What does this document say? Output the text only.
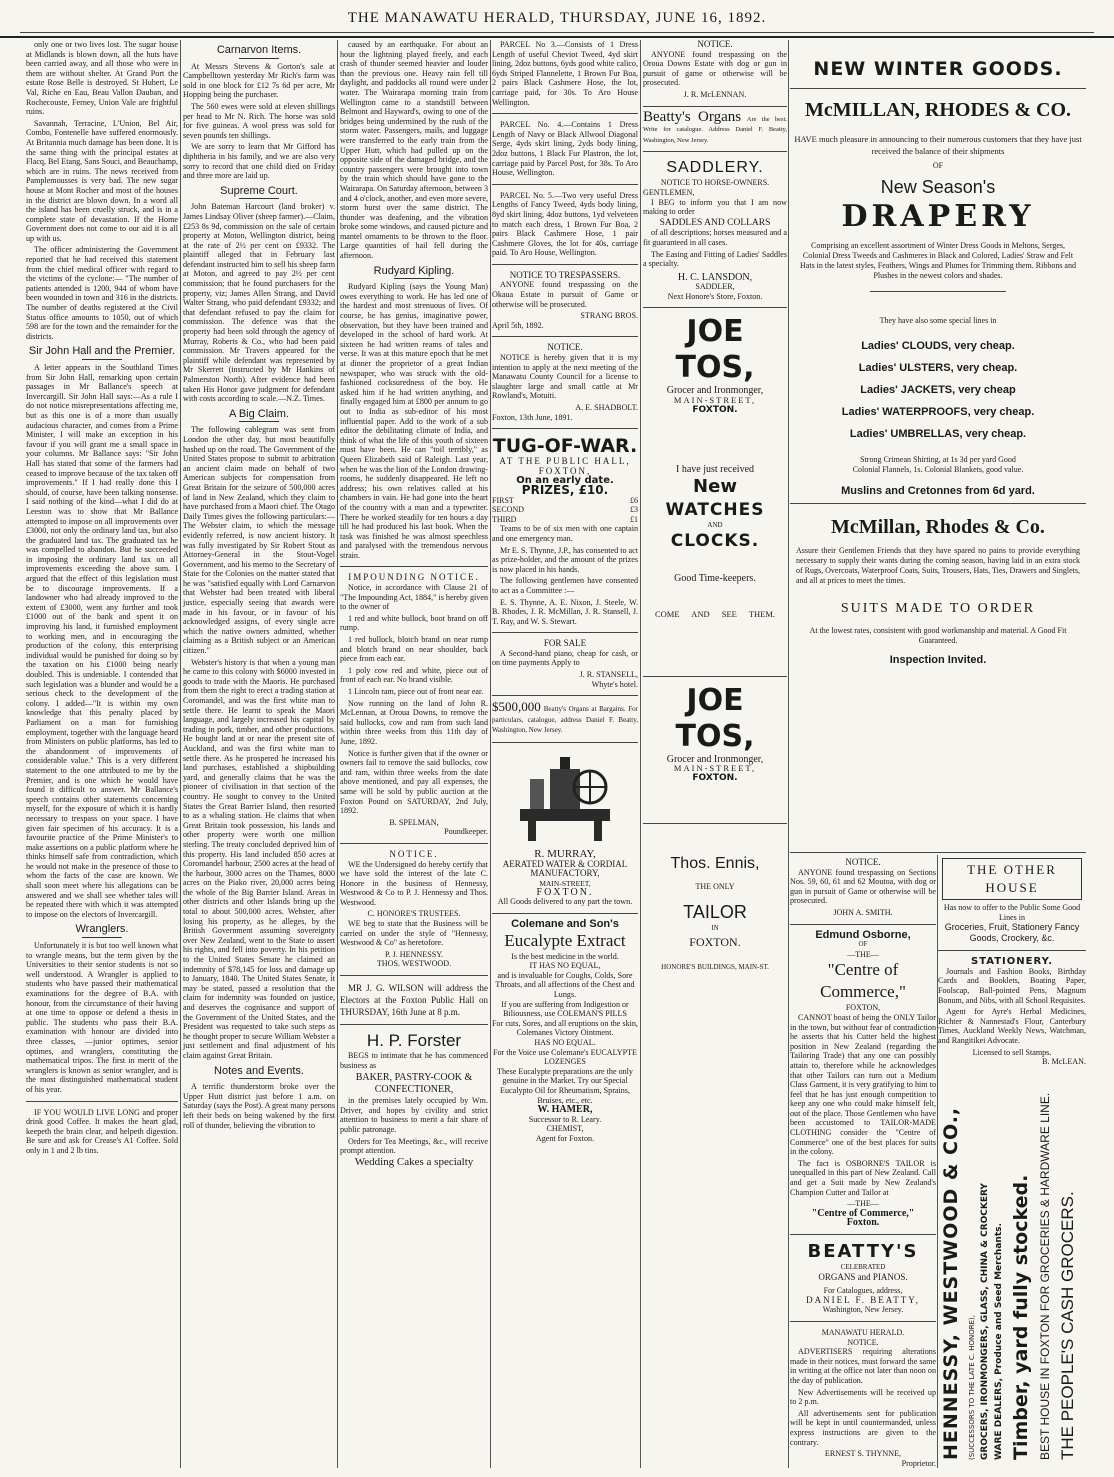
THE MANAWATU HERALD, THURSDAY, JUNE 16, 1892.

only one or two lives lost. The sugar house at Midlands is blown down, all the huts have been carried away, and all those who were in them are without shelter. At Grand Port the estate Rose Belle is destroyed. St Hubert, Le Val, Riche en Eau, Beau Vallon Dauban, and Rochecouste, Ferney, Union Vale are frightful ruins.

Savannah, Terracine, L'Union, Bel Air, Combo, Fontenelle have suffered enormously. At Britannia much damage has been done. It is the same thing with the principal estates at Flacq, Bel Etang, Sans Souci, and Beauchamp, which are in ruins. The news received from Pamplemousses is very bad. The new sugar house at Mont Rocher and most of the houses in the district are blown down. In a word all the island has been cruelly struck, and is in a complete state of devastation. If the Home Government does not come to our aid it is all up with us.

The officer administering the Government reported that he had received this statement from the chief medical officer with regard to the victims of the cyclone:— "The number of patients attended is 1200, 944 of whom have been wounded in town and 316 in the districts. The number of deaths registered at the Civil Status office amounts to 1050, out of which 598 are for the town and the remainder for the districts.

Sir John Hall and the Premier.

A letter appears in the Southland Times from Sir John Hall, remarking upon certain passages in Mr Ballance's speech at Invercargill. Sir John Hall says:—As a rule I do not notice misrepresentations affecting me, but as this one is of a more than usually audacious character, and comes from a Prime Minister, I will make an exception in his favour if you will grant me a small space in your columns. Mr Ballance says: "Sir John Hall has stated that some of the farmers had ceased to improve because of the tax taken off improvements." If I had really done this I should, of course, have been talking nonsense. I said nothing of the kind—what I did do at Leeston was to show that Mr Ballance attempted to impose on all improvements over £3000, not only the ordinary land tax, but also the graduated land tax. The graduated tax he was compelled to abandon. But he succeeded in imposing the ordinary land tax on all improvements exceeding the above sum. I argued that the effect of this legislation must be to discourage improvements. If a landowner who had already improved to the extent of £3000, went any further and took £1000 out of the bank and spent it on improving his land, it furnished employment to working men, and in encouraging the production of the colony, this enterprising individual would be punished for doing so by the taxation on his £1000 being nearly doubled. This is undeniable. I contended that such legislation was a blunder and would be a serious check to the development of the colony. I added—"It is within my own knowledge that this penalty placed by Parliament on a man for furnishing employment, together with the language heard from Ministers on public platforms, has led to the abandonment of improvements of considerable value." This is a very different statement to the one attributed to me by the Premier, and is one which he would have found it difficult to answer. Mr Ballance's speech contains other statements concerning myself, for the exposure of which it is hardly necessary to trespass on your space. I have given fair specimen of his accuracy. It is a favourite practice of the Prime Minister's to make assertions on a public platform where he thinks himself safe from contradiction, which he would not make in the presence of those to whom the facts of the case are known. We shall soon meet where his allegations can be answered and we shall see whether tales will be repeated there with which it was attempted to impose on the electors of Invercargill.

Wranglers.

Unfortunately it is but too well known what to wrangle means, but the term given by the Universities to their senior students is not so well understood. A Wrangler is applied to students who have passed their mathematical examinations for the degree of B.A. with honour, from the circumstance of their having at one time to oppose or defend a thesis in public. The students who pass their B.A. examination with honour are divided into three classes, —junior optimes, senior optimes, and wranglers, constituting the mathematical tripos. The first in merit of the wranglers is known as senior wrangler, and is the most distinguished mathematical student of his year.

IF YOU WOULD LIVE LONG and proper drink good Coffee. It makes the heart glad, keepeth the brain clear, and helpeth digestion. Be sure and ask for Crease's A1 Coffee. Sold only in 1 and 2 lb tins.

Carnarvon Items.

At Messrs Stevens & Gorton's sale at Campbelltown yesterday Mr Rich's farm was sold in one block for £12 7s 6d per acre, Mr Hopping being the purchaser.

The 560 ewes were sold at eleven shillings per head to Mr N. Rich. The horse was sold for five guineas. A wool press was sold for seven pounds ten shillings.

We are sorry to learn that Mr Gifford has diphtheria in his family, and we are also very sorry to record that one child died on Friday and three more are laid up.

Supreme Court.

John Bateman Harcourt (land broker) v. James Lindsay Oliver (sheep farmer).—Claim, £253 8s 9d, commission on the sale of certain property at Moton, Wellington district, being at the rate of 2½ per cent on £9332. The plaintiff alleged that in February last defendant instructed him to sell his sheep farm at Moton, and agreed to pay 2½ per cent commission; that he found purchasers for the property, viz; James Allen Strang, and David Walter Strang, who paid defendant £9332; and that defendant refused to pay the claim for commission. The defence was that the property had been sold through the agency of Murray, Roberts & Co., who had been paid commission. Mr Travers appeared for the plaintiff while defendant was represented by Mr Skerrett (instructed by Mr Hankins of Palmerston North). After evidence had been taken His Honor gave judgment for defendant with costs according to scale.—N.Z. Times.

A Big Claim.

The following cablegram was sent from London the other day, but most beautifully hashed up on the road. The Government of the United States propose to submit to arbitration an ancient claim made on behalf of two American subjects for compensation from Great Britain for the seizure of 500,000 acres of land in New Zealand, which they claim to have purchased from a Maori chief. The Otago Daily Times gives the following particulars:—The Webster claim, to which the message evidently referred, is now ancient history. It was fully investigated by Sir Robert Stout as Attorney-General in the Stout-Vogel Government, and his memo to the Secretary of State for the Colonies on the matter stated that he was "satisfied equally with Lord Carnarvon that Webster had been treated with liberal justice, especially seeing that awards were made in his favour, or in favour of his acknowledged assigns, of every single acre which the native owners admitted, whether claiming as a British subject or an American citizen."

Webster's history is that when a young man he came to this colony with $6000 invested in goods to trade with the Maoris. He purchased from them the right to erect a trading station at Coromandel, and was the first white man to settle there. He learnt to speak the Maori language, and largely increased his capital by trading in pork, timber, and other productions. He bought land at or near the present site of Auckland, and was the first white man to settle there. As he prospered he increased his land purchases, established a shipbuilding yard, and generally claims that he was the pioneer of civilisation in that section of the country. He sought to convey to the United States the Great Barrier Island, then resorted to as a whaling station. He claims that when Great Britain took possession, his lands and other property were worth one million sterling. The treaty concluded deprived him of this property. His land included 850 acres at Coromandel harbour, 2500 acres at the head of the harbour, 3000 acres on the Thames, 8000 acres on the Piako river, 20,000 acres being the whole of the Big Barrier Island. Areas in other districts and other Islands bring up the total to about 500,000 acres. Webster, after losing his property, as he alleges, by the British Government assuming sovereignty over New Zealand, went to the State to assert his rights, and fell into poverty. In his petition to the United States Senate he claimed an indemnity of $78,145 for loss and damage up to January, 1840. The United States Senate, it may be stated, passed a resolution that the claim for indemnity was founded on justice, and deserves the cognisance and support of the Government of the United States, and the President was requested to take such steps as he thought proper to secure William Webster a just settlement and final adjustment of his claim against Great Britain.

Notes and Events.

A terrific thunderstorm broke over the Upper Hutt district just before 1 a.m. on Saturday (says the Post). A great many persons left their beds on being wakened by the first roll of thunder, believing the vibration to

caused by an earthquake. For about an hour the lightning played freely, and each crash of thunder seemed heavier and louder than the previous one. Heavy rain fell till daylight, and paddocks all round were under water. The Wairarapa morning train from Wellington came to a standstill between Belmont and Hayward's, owing to one of the bridges being undermined by the rush of the storm water. Passengers, mails, and luggage were transferred to the early train from the Upper Hutt, which had pulled up on the opposite side of the damaged bridge, and the country passengers were brought into town by the train which should have gone to the Wairarapa. On Saturday afternoon, between 3 and 4 o'clock, another, and even more severe, storm burst over the same district. The thunder was deafening, and the vibration broke some windows, and caused picture and mantel ornaments to be thrown to the floor. Large quantities of hail fell during the afternoon.

Rudyard Kipling.

Rudyard Kipling (says the Young Man) owes everything to work. He has led one of the hardest and most strenuous of lives. Of course, he has genius, imaginative power, observation, but they have been trained and developed in the school of hard work. At sixteen he had written reams of tales and verse. It was at this mature epoch that he met at dinner the proprietor of a great Indian newspaper, who was struck with the old-fashioned cocksuredness of the boy. He asked him if he had written anything, and finally engaged him at £800 per annum to go out to India as sub-editor of his most influential paper. Add to the work of a sub editor the debilitating climate of India, and think of what the life of this youth of sixteen must have been. He can "toil terribly," as Queen Elizabeth said of Raleigh. Last year, when he was the lion of the London drawing-rooms, he suddenly disappeared. He left no address; his own relatives called at his chambers in vain. He had gone into the heart of the country with a man and a typewriter. There he worked steadily for ten hours a day till he had produced his last book. When the task was finished he was almost speechless and paralysed with the tremendous nervous strain.

IMPOUNDING NOTICE.

Notice, in accordance with Clause 21 of "The Impounding Act, 1884," is hereby given to the owner of

1 red and white bullock, boot brand on off rump.

1 red bullock, blotch brand on near rump and blotch brand on near shoulder, back piece from each ear.

1 poly cow red and white, piece out of front of each ear. No brand visible.

1 Lincoln ram, piece out of front near ear.

Now running on the land of John R. McLennan, at Oroua Downs, to remove the said bullocks, cow and ram from such land within three weeks from this 11th day of June, 1892.

Notice is further given that if the owner or owners fail to remove the said bullocks, cow and ram, within three weeks from the date above mentioned, and pay all expenses, the same will be sold by public auction at the Foxton Pound on SATURDAY, 2nd July, 1892.

B. SPELMAN,
Poundkeeper.
NOTICE.

WE the Undersigned do hereby certify that we have sold the interest of the late C. Honore in the business of Hennessy, Westwood & Co to P. J. Hennessy and Thos. Westwood.

C. HONORE'S TRUSTEES.

WE beg to state that the Business will be carried on under the style of "Hennessy, Westwood & Co" as heretofore.

P. J. HENNESSY.
THOS. WESTWOOD.

MR J. G. WILSON will address the Electors at the Foxton Public Hall on THURSDAY, 16th June at 8 p.m.

H. P. Forster

BEGS to intimate that he has commenced business as

BAKER, PASTRY-COOK & CONFECTIONER,

in the premises lately occupied by Wm. Driver, and hopes by civility and strict attention to business to merit a fair share of public patronage.

Orders for Tea Meetings, &c., will receive prompt attention.

Wedding Cakes a specialty

PARCEL No 3.—Consists of 1 Dress Length of useful Cheviot Tweed, 4yd skirt lining, 2doz buttons, 6yds good white calico, 6yds Striped Flannelette, 1 Brown Fur Boa, 2 pairs Black Cashmere Hose, the lot, carriage paid, for 30s. To Aro House Wellington.

PARCEL No. 4.—Contains 1 Dress Length of Navy or Black Allwool Diagonal Serge, 4yds skirt lining, 2yds body lining, 2doz buttons, 1 Black Fur Plastron, the lot, carriage paid by Parcel Post, for 38s. To Aro House, Wellington.

PARCEL No. 5.—Two very useful Dress Lengths of Fancy Tweed, 4yds body lining, 8yd skirt lining, 4doz buttons, 1yd velveteen to match each dress, 1 Brown Fur Boa, 2 pairs Black Cashmere Hose, 1 pair Cashmere Gloves, the lot for 40s, carriage paid. To Aro House, Wellington.

NOTICE TO TRESPASSERS.

ANYONE found trespassing on the Okaua Estate in pursuit of Game or otherwise will be prosecuted.

STRANG BROS.
April 5th, 1892.
NOTICE.

NOTICE is hereby given that it is my intention to apply at the next meeting of the Manawatu County Council for a license to slaughter large and small cattle at Mr Rowland's, Motuiti.

A. E. SHADBOLT.
Foxton, 13th June, 1891.
TUG-OF-WAR.
AT THE PUBLIC HALL, FOXTON,
On an early date.
PRIZES, £10.
FIRST	£6
SECOND	£3
THIRD	£1

Teams to be of six men with one captain and one emergency man.

Mr E. S. Thynne, J.P., has consented to act as prize-holder, and the amount of the prizes is now placed in his hands.

The following gentlemen have consented to act as a Committee :—

E. S. Thynne, A. E. Nixon, J. Steele, W. B. Rhodes, J. R. McMillan, J. R. Stansell, J. T. Ray, and W. S. Stewart.

FOR SALE

A Second-hand piano, cheap for cash, or on time payments Apply to

J. R. STANSELL,
Whyte's hotel.
$500,000 Beatty's Organs at Bargains. For particulars, catalogue, address Daniel F. Beatty, Washington, New Jersey.
R. MURRAY,
AERATED WATER & CORDIAL MANUFACTORY,
MAIN-STREET,
FOXTON.
All Goods delivered to any part the town.
Colemane and Son's
Eucalypte Extract
Is the best medicine in the world.
IT HAS NO EQUAL,
and is invaluable for Coughs, Colds, Sore Throats, and all affections of the Chest and Lungs.
If you are suffering from Indigestion or Biliousness, use COLEMAN'S PILLS
For cuts, Sores, and all eruptions on the skin, Colemanes Victory Ointment.
HAS NO EQUAL.
For the Voice use Colemane's EUCALYPTE LOZENGES
These Eucalypte preparations are the only genuine in the Market. Try our Special Eucalypto Oil for Rheumatism, Sprains, Bruises, etc., etc.
W. HAMER,
Successor to R. Leary.
CHEMIST,
Agent for Foxton.
NOTICE.

ANYONE found trespassing on the Oroua Downs Estate with dog or gun in pursuit of game or otherwise will be prosecuted.

J. R. McLENNAN.
Beatty's Organs Are the best. Write for catalogue. Address Daniel F. Beatty, Washington, New Jersey.
SADDLERY.
NOTICE TO HORSE-OWNERS.
GENTLEMEN,

I BEG to inform you that I am now making to order

SADDLES AND COLLARS

of all descriptions; horses measured and a fit guaranteed in all cases.

The Easing and Fitting of Ladies' Saddles a specialty.

H. C. LANSDON,
SADDLER,
Next Honore's Store, Foxton.
JOE TOS,
Grocer and Ironmonger,
MAIN-STREET,
FOXTON.
I have just received
New
WATCHES
AND
CLOCKS.
Good Time-keepers.
COME AND SEE THEM.
JOE TOS,
Grocer and Ironmonger,
MAIN-STREET,
FOXTON.
Thos. Ennis,
THE ONLY
TAILOR
IN
FOXTON.
HONORE'S BUILDINGS, MAIN-ST.
NEW WINTER GOODS.
McMILLAN, RHODES & CO.
HAVE much pleasure in announcing to their numerous customers that they have just received the balance of their shipments
OF
New Season's
DRAPERY
Comprising an excellent assortment of Winter Dress Goods in Meltons, Serges, Colonial Dress Tweeds and Cashmeres in Black and Colored, Ladies' Straw and Felt Hats in the latest styles, Feathers, Wings and Plumes for Trimming them. Ribbons and Plushes in the newest colors and shades.
They have also some special lines in
Ladies' CLOUDS, very cheap.
Ladies' ULSTERS, very cheap.
Ladies' JACKETS, very cheap
Ladies' WATERPROOFS, very cheap.
Ladies' UMBRELLAS, very cheap.
Strong Crimean Shirting, at 1s 3d per yard Good Colonial Flannels, 1s. Colonial Blankets, good value.
Muslins and Cretonnes from 6d yard.
McMillan, Rhodes & Co.
Assure their Gentlemen Friends that they have spared no pains to provide everything necessary to supply their wants during the coming season, having laid in an extra stock of Rugs, Overcoats, Waterproof Coats, Suits, Trousers, Hats, Ties, Drawers and Singlets, and all at prices to meet the times.
SUITS MADE TO ORDER
At the lowest rates, consistent with good workmanship and material. A Good Fit Guaranteed.
Inspection Invited.
NOTICE.

ANYONE found trespassing on Sections Nos. 59, 60, 61 and 62 Moutoa, with dog or gun in pursuit of Game or otherwise will be prosecuted.

JOHN A. SMITH.
Edmund Osborne,
OF
—THE—
"Centre of Commerce,"
FOXTON,

CANNOT boast of being the ONLY Tailor in the town, but without fear of contradiction he asserts that his Cutter held the highest position in New Zealand (regarding the Tailoring Trade) that any one can possibly attain to, therefore while he acknowledges that other Tailors can turn out a Medium Class Garment, it is very gratifying to him to feel that he has just enough competition to keep any one who could make himself felt, out of the place. Those Gentlemen who have been accustomed to TAILOR-MADE CLOTHING consider the "Centre of Commerce" one of the best places for suits in the colony.

The fact is OSBORNE'S TAILOR is unequalled in this part of New Zealand. Call and get a Suit made by New Zealand's Champion Cutter and Tailor at

—THE—
"Centre of Commerce,"
Foxton.
BEATTY'S
CELEBRATED
ORGANS and PIANOS.
For Catalogues, address,
DANIEL F. BEATTY,
Washington, New Jersey.
MANAWATU HERALD.
NOTICE.

ADVERTISERS requiring alterations made in their notices, must forward the same in writing at the office not later than noon on the day of publication.

New Advertisements will be received up to 2 p.m.

All advertisements sent for publication will be kept in until countermanded, unless express instructions are given to the contrary.

ERNEST S. THYNNE,
Proprietor.
THE OTHER HOUSE
Has now to offer to the Public Some Good Lines in
Groceries, Fruit, Stationery Fancy Goods, Crockery, &c.
STATIONERY.

Journals and Fashion Books, Birthday Cards and Booklets, Boating Paper, Foolscap, Ball-pointed Pens, Magnum Bonum, and Nibs, with all School Requisites.

Agent for Ayre's Herbal Medicines, Richter & Nannestad's Flour, Canterbury Times, Auckland Weekly News, Watchman, and Rangitikei Advocate.

Licensed to sell Stamps.
B. McLEAN.
HENNESSY, WESTWOOD & CO., (SUCCESSORS TO THE LATE C. HONORE), GROCERS, IRONMONGERS, GLASS, CHINA & CROCKERY WARE DEALERS, Produce and Seed Merchants. Timber, yard fully stocked. BEST HOUSE IN FOXTON FOR GROCERIES & HARDWARE LINE. THE PEOPLE'S CASH GROCERS.
